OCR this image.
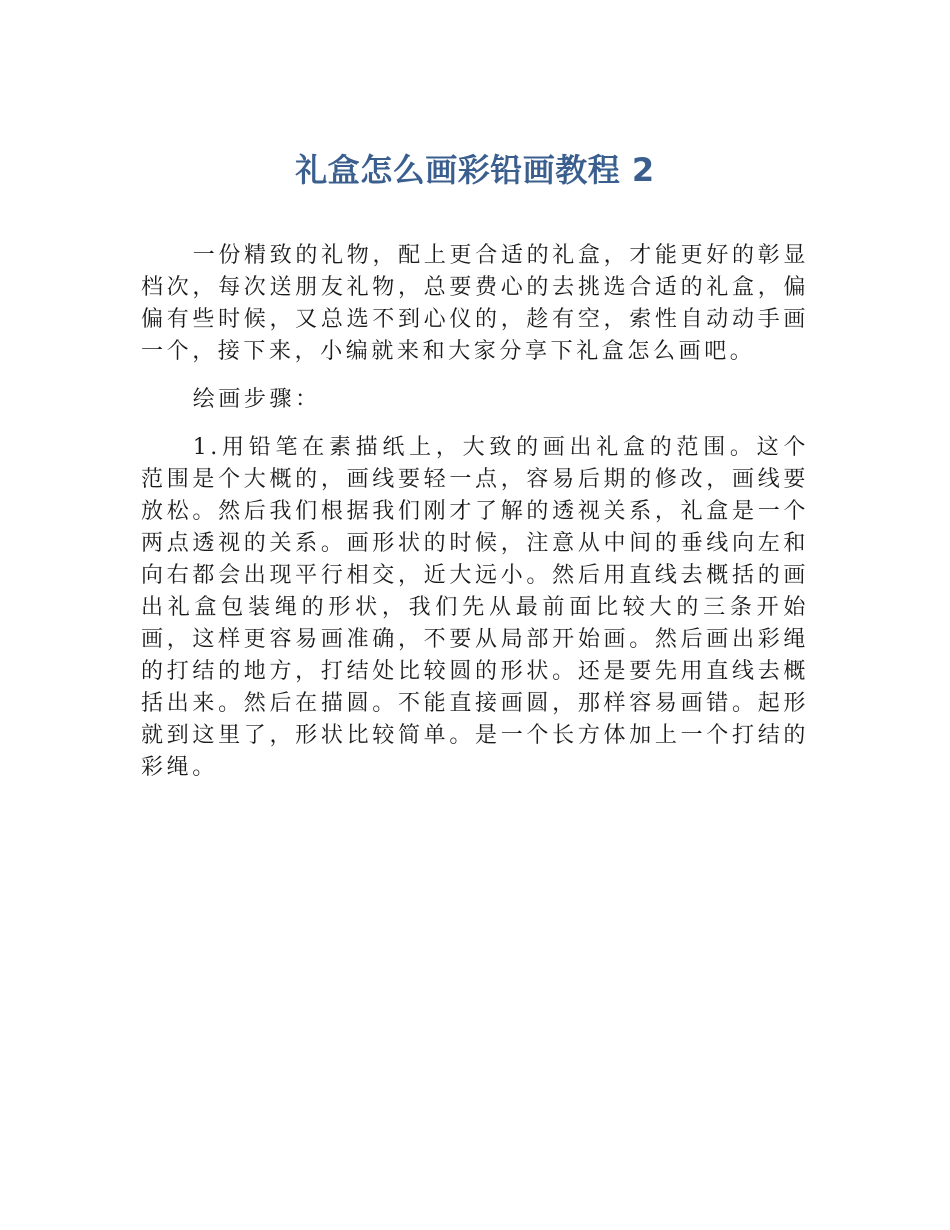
礼盒怎么画彩铅画教程 2

一份精致的礼物，配上更合适的礼盒，才能更好的彰显档次，每次送朋友礼物，总要费心的去挑选合适的礼盒，偏偏有些时候，又总选不到心仪的，趁有空，索性自动动手画一个，接下来，小编就来和大家分享下礼盒怎么画吧。

绘画步骤：

1.用铅笔在素描纸上，大致的画出礼盒的范围。这个范围是个大概的，画线要轻一点，容易后期的修改，画线要放松。然后我们根据我们刚才了解的透视关系，礼盒是一个两点透视的关系。画形状的时候，注意从中间的垂线向左和向右都会出现平行相交，近大远小。然后用直线去概括的画出礼盒包装绳的形状，我们先从最前面比较大的三条开始画，这样更容易画准确，不要从局部开始画。然后画出彩绳的打结的地方，打结处比较圆的形状。还是要先用直线去概括出来。然后在描圆。不能直接画圆，那样容易画错。起形就到这里了，形状比较简单。是一个长方体加上一个打结的彩绳。
